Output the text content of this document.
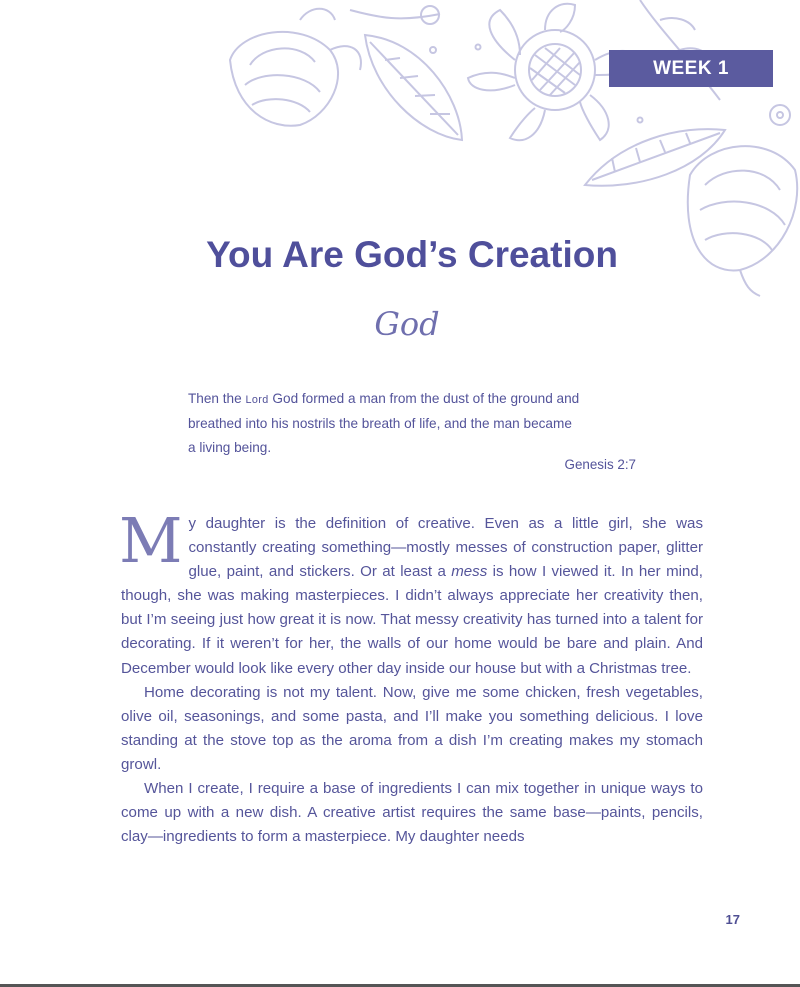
WEEK 1
You Are God’s Creation
God
Then the Lord God formed a man from the dust of the ground and
breathed into his nostrils the breath of life, and the man became
a living being.
Genesis 2:7

My daughter is the definition of creative. Even as a little girl, she was constantly creating something—mostly messes of construction paper, glitter glue, paint, and stickers. Or at least a mess is how I viewed it. In her mind, though, she was making masterpieces. I didn’t always appreciate her creativity then, but I’m seeing just how great it is now. That messy creativity has turned into a talent for decorating. If it weren’t for her, the walls of our home would be bare and plain. And December would look like every other day inside our house but with a Christmas tree.

Home decorating is not my talent. Now, give me some chicken, fresh vegetables, olive oil, seasonings, and some pasta, and I’ll make you something delicious. I love standing at the stove top as the aroma from a dish I’m creating makes my stomach growl.

When I create, I require a base of ingredients I can mix together in unique ways to come up with a new dish. A creative artist requires the same base—paints, pencils, clay—ingredients to form a masterpiece. My daughter needs

17
